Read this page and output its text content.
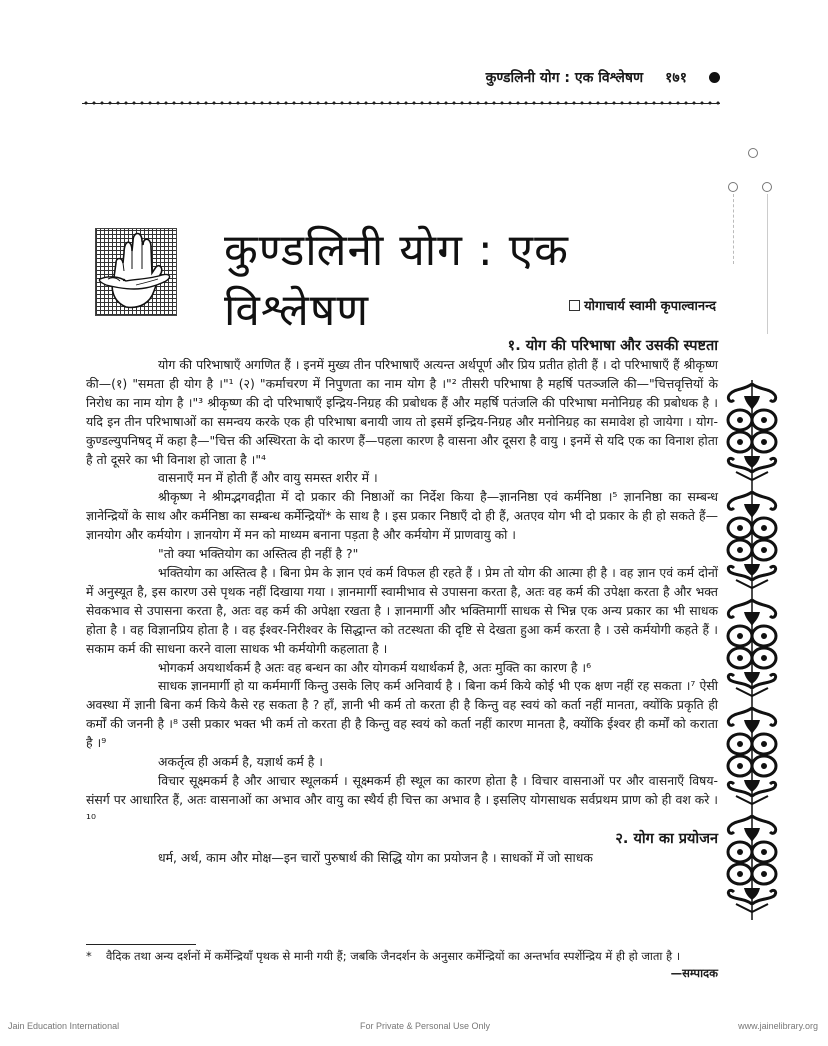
कुण्डलिनी योग : एक विश्लेषण १७१
कुण्डलिनी योग : एक विश्लेषण	योगाचार्य स्वामी कृपाल्वानन्द
१. योग की परिभाषा और उसकी स्पष्टता

योग की परिभाषाएँ अगणित हैं । इनमें मुख्य तीन परिभाषाएँ अत्यन्त अर्थपूर्ण और प्रिय प्रतीत होती हैं । दो परिभाषाएँ हैं श्रीकृष्ण की—(१) "समता ही योग है ।"¹ (२) "कर्माचरण में निपुणता का नाम योग है ।"² तीसरी परिभाषा है महर्षि पतञ्जलि की—"चित्तवृत्तियों के निरोध का नाम योग है ।"³ श्रीकृष्ण की दो परिभाषाएँ इन्द्रिय-निग्रह की प्रबोधक हैं और महर्षि पतंजलि की परिभाषा मनोनिग्रह की प्रबोधक है । यदि इन तीन परिभाषाओं का समन्वय करके एक ही परिभाषा बनायी जाय तो इसमें इन्द्रिय-निग्रह और मनोनिग्रह का समावेश हो जायेगा । योग-कुण्डल्युपनिषद् में कहा है—"चित्त की अस्थिरता के दो कारण हैं—पहला कारण है वासना और दूसरा है वायु । इनमें से यदि एक का विनाश होता है तो दूसरे का भी विनाश हो जाता है ।"⁴

वासनाएँ मन में होती हैं और वायु समस्त शरीर में ।

श्रीकृष्ण ने श्रीमद्भगवद्गीता में दो प्रकार की निष्ठाओं का निर्देश किया है—ज्ञाननिष्ठा एवं कर्मनिष्ठा ।⁵ ज्ञाननिष्ठा का सम्बन्ध ज्ञानेन्द्रियों के साथ और कर्मनिष्ठा का सम्बन्ध कर्मेन्द्रियों* के साथ है । इस प्रकार निष्ठाएँ दो ही हैं, अतएव योग भी दो प्रकार के ही हो सकते हैं—ज्ञानयोग और कर्मयोग । ज्ञानयोग में मन को माध्यम बनाना पड़ता है और कर्मयोग में प्राणवायु को ।

"तो क्या भक्तियोग का अस्तित्व ही नहीं है ?"

भक्तियोग का अस्तित्व है । बिना प्रेम के ज्ञान एवं कर्म विफल ही रहते हैं । प्रेम तो योग की आत्मा ही है । वह ज्ञान एवं कर्म दोनों में अनुस्यूत है, इस कारण उसे पृथक नहीं दिखाया गया । ज्ञानमार्गी स्वामीभाव से उपासना करता है, अतः वह कर्म की उपेक्षा करता है और भक्त सेवकभाव से उपासना करता है, अतः वह कर्म की अपेक्षा रखता है । ज्ञानमार्गी और भक्तिमार्गी साधक से भिन्न एक अन्य प्रकार का भी साधक होता है । वह विज्ञानप्रिय होता है । वह ईश्वर-निरीश्वर के सिद्धान्त को तटस्थता की दृष्टि से देखता हुआ कर्म करता है । उसे कर्मयोगी कहते हैं । सकाम कर्म की साधना करने वाला साधक भी कर्मयोगी कहलाता है ।

भोगकर्म अयथार्थकर्म है अतः वह बन्धन का और योगकर्म यथार्थकर्म है, अतः मुक्ति का कारण है ।⁶

साधक ज्ञानमार्गी हो या कर्ममार्गी किन्तु उसके लिए कर्म अनिवार्य है । बिना कर्म किये कोई भी एक क्षण नहीं रह सकता ।⁷ ऐसी अवस्था में ज्ञानी बिना कर्म किये कैसे रह सकता है ? हाँ, ज्ञानी भी कर्म तो करता ही है किन्तु वह स्वयं को कर्ता नहीं मानता, क्योंकि प्रकृति ही कर्मों की जननी है ।⁸ उसी प्रकार भक्त भी कर्म तो करता ही है किन्तु वह स्वयं को कर्ता नहीं कारण मानता है, क्योंकि ईश्वर ही कर्मों को कराता है ।⁹

अकर्तृत्व ही अकर्म है, यज्ञार्थ कर्म है ।

विचार सूक्ष्मकर्म है और आचार स्थूलकर्म । सूक्ष्मकर्म ही स्थूल का कारण होता है । विचार वासनाओं पर और वासनाएँ विषय-संसर्ग पर आधारित हैं, अतः वासनाओं का अभाव और वायु का स्थैर्य ही चित्त का अभाव है । इसलिए योगसाधक सर्वप्रथम प्राण को ही वश करे ।¹⁰

२. योग का प्रयोजन

धर्म, अर्थ, काम और मोक्ष—इन चारों पुरुषार्थ की सिद्धि योग का प्रयोजन है । साधकों में जो साधक

* वैदिक तथा अन्य दर्शनों में कर्मेन्द्रियाँ पृथक से मानी गयी हैं; जबकि जैनदर्शन के अनुसार कर्मेन्द्रियों का अन्तर्भाव स्पर्शेन्द्रिय में ही हो जाता है ।
—सम्पादक
Jain Education International	For Private & Personal Use Only	www.jainelibrary.org
